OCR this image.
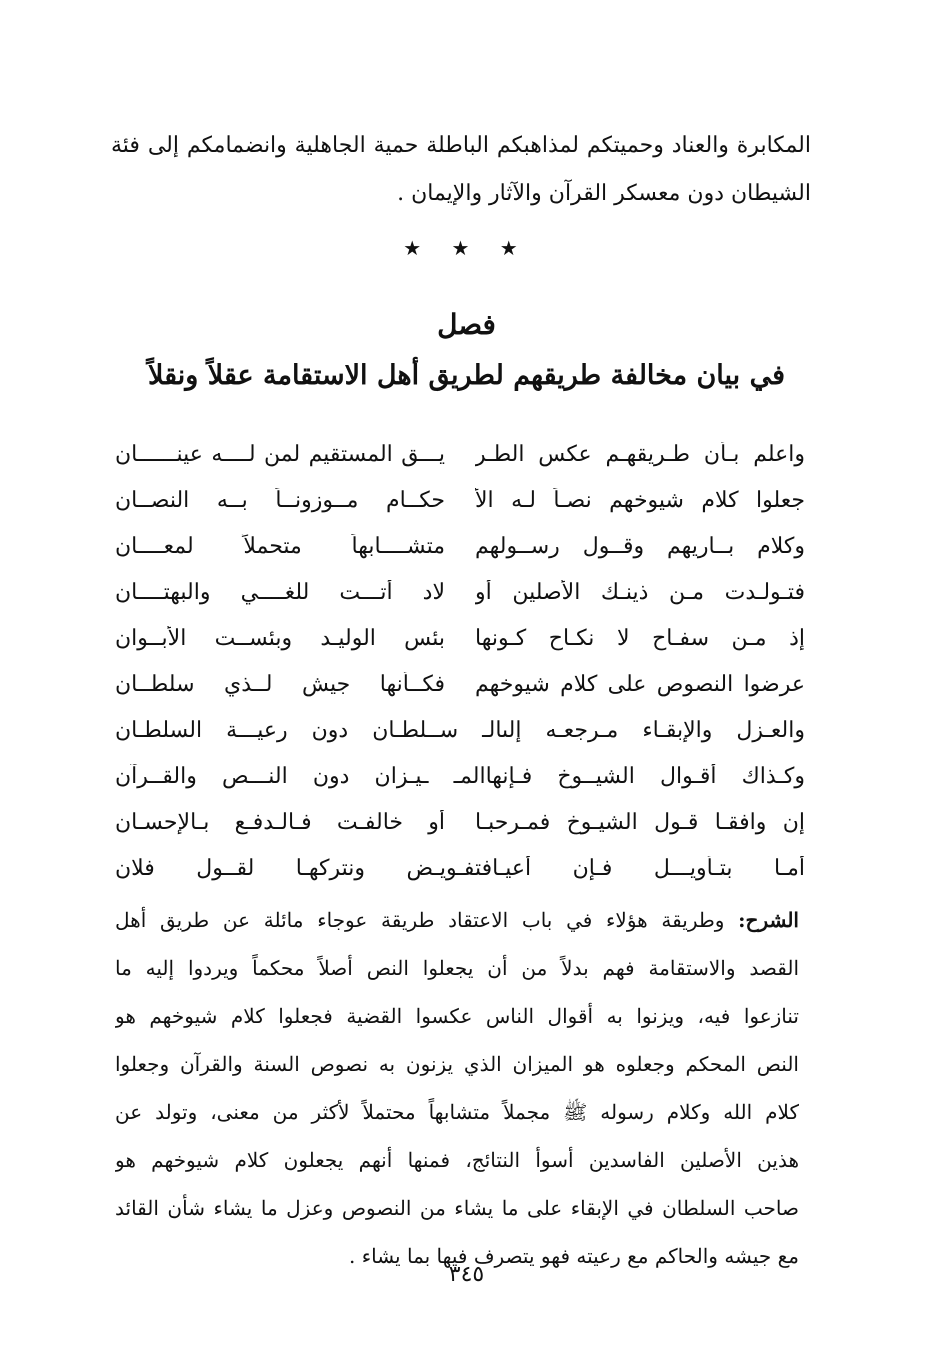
المكابرة والعناد وحميتكم لمذاهبكم الباطلة حمية الجاهلية وانضمامكم إلى فئة
الشيطان دون معسكر القرآن والآثار والإيمان .
★ ★ ★
فصل
في بيان مخالفة طريقهم لطريق أهل الاستقامة عقلاً ونقلاً
واعلم بـأن طـريقهـم عكس الطـر
يـــق المستقيم لمن لــــه عينــــــان
جعلوا كلام شيوخهم نصـاً لـه الأ
حكــام مــوزونــاً بــه النصــان
وكلام بــاريهم وقــول رســولهم
متشــــابهاً متحملاً لمعــــان
فتـولـدت مـن ذينـك الأصلين أو
لاد أتـــت للغــــي والبهتــــان
إذ مـن سفـاح لا نكـاح كـونها
بئس الوليـد وبئســت الأبــوان
عرضوا النصوص على كلام شيوخهم
فكــأنها جيش لــذي سلطــان
والعـزل والإبقـاء مـرجعـه إلىالـ ســلطـان دون رعيـــة السلطـان
وكـذاك أقـوال الشيــوخ فـإنهاالمـ ـيـزان دون النـــص والقــرآن
إن وافقـا قـول الشيـوخ فمـرحبـا
أو خالفـت فـالـدفـع بـالإحسـان
أمـا بتـأويـــل فـإن أعيـافتفـويـض ونتركهـا لقــول فلان
الشرح: وطريقة هؤلاء في باب الاعتقاد طريقة عوجاء مائلة عن طريق أهل
القصد والاستقامة فهم بدلاً من أن يجعلوا النص أصلاً محكماً ويردوا إليه ما
تنازعوا فيه، ويزنوا به أقوال الناس عكسوا القضية فجعلوا كلام شيوخهم هو
النص المحكم وجعلوه هو الميزان الذي يزنون به نصوص السنة والقرآن وجعلوا
كلام الله وكلام رسوله ﷺ مجملاً متشابهاً محتملاً لأكثر من معنى، وتولد عن
هذين الأصلين الفاسدين أسوأ النتائج، فمنها أنهم يجعلون كلام شيوخهم هو
صاحب السلطان في الإبقاء على ما يشاء من النصوص وعزل ما يشاء شأن القائد
مع جيشه والحاكم مع رعيته فهو يتصرف فيها بما يشاء .
٣٤٥
